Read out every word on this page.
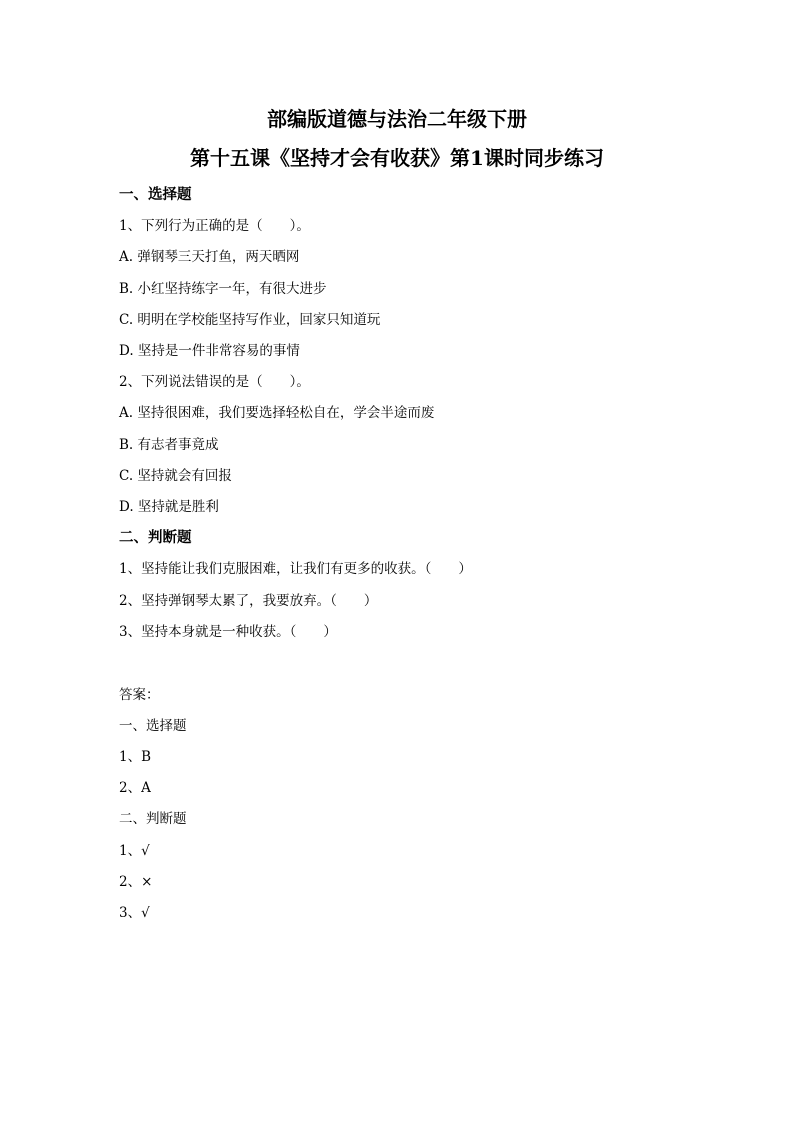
部编版道德与法治二年级下册
第十五课《坚持才会有收获》第1课时同步练习
一、选择题
1、下列行为正确的是（　　）。
A. 弹钢琴三天打鱼，两天晒网
B. 小红坚持练字一年，有很大进步
C. 明明在学校能坚持写作业，回家只知道玩
D. 坚持是一件非常容易的事情
2、下列说法错误的是（　　）。
A. 坚持很困难，我们要选择轻松自在，学会半途而废
B. 有志者事竟成
C. 坚持就会有回报
D. 坚持就是胜利
二、判断题
1、坚持能让我们克服困难，让我们有更多的收获。（　　）
2、坚持弹钢琴太累了，我要放弃。（　　）
3、坚持本身就是一种收获。（　　）
答案：
一、选择题
1、B
2、A
二、判断题
1、√
2、×
3、√
